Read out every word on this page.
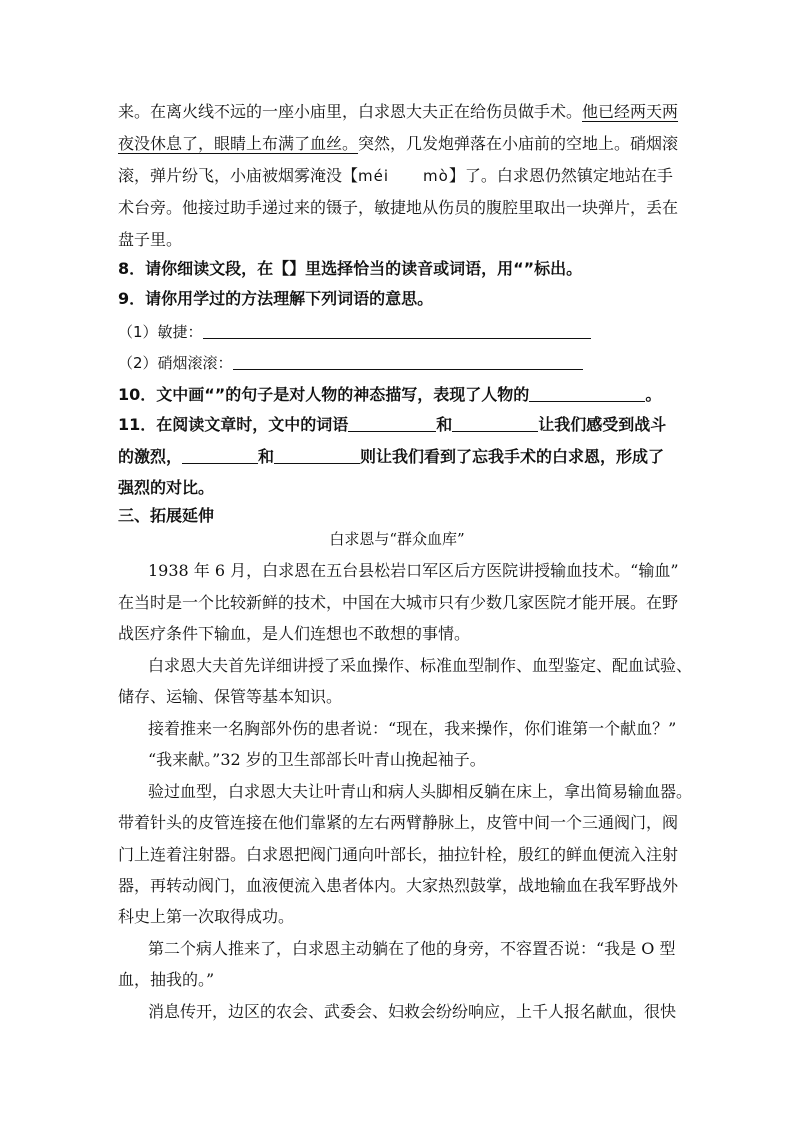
来。在离火线不远的一座小庙里，白求恩大夫正在给伤员做手术。他已经两天两
夜没休息了，眼睛上布满了血丝。突然，几发炮弹落在小庙前的空地上。硝烟滚
滚，弹片纷飞，小庙被烟雾淹没【méi mò】了。白求恩仍然镇定地站在手
术台旁。他接过助手递过来的镊子，敏捷地从伤员的腹腔里取出一块弹片，丢在
盘子里。
8．请你细读文段，在【】里选择恰当的读音或词语，用“”标出。
9．请你用学过的方法理解下列词语的意思。
（1）敏捷：
（2）硝烟滚滚：
10．文中画“”的句子是对人物的神态描写，表现了人物的	。
11．在阅读文章时，文中的词语	和	让我们感受到战斗
的激烈，	和	则让我们看到了忘我手术的白求恩，形成了
强烈的对比。
三、拓展延伸
白求恩与“群众血库”
1938 年 6 月，白求恩在五台县松岩口军区后方医院讲授输血技术。“输血”
在当时是一个比较新鲜的技术，中国在大城市只有少数几家医院才能开展。在野
战医疗条件下输血，是人们连想也不敢想的事情。
白求恩大夫首先详细讲授了采血操作、标准血型制作、血型鉴定、配血试验、
储存、运输、保管等基本知识。
接着推来一名胸部外伤的患者说：“现在，我来操作，你们谁第一个献血？”
“我来献。”32 岁的卫生部部长叶青山挽起袖子。
验过血型，白求恩大夫让叶青山和病人头脚相反躺在床上，拿出简易输血器。
带着针头的皮管连接在他们靠紧的左右两臂静脉上，皮管中间一个三通阀门，阀
门上连着注射器。白求恩把阀门通向叶部长，抽拉针栓，殷红的鲜血便流入注射
器，再转动阀门，血液便流入患者体内。大家热烈鼓掌，战地输血在我军野战外
科史上第一次取得成功。
第二个病人推来了，白求恩主动躺在了他的身旁，不容置否说：“我是 O 型
血，抽我的。”
消息传开，边区的农会、武委会、妇救会纷纷响应，上千人报名献血，很快
